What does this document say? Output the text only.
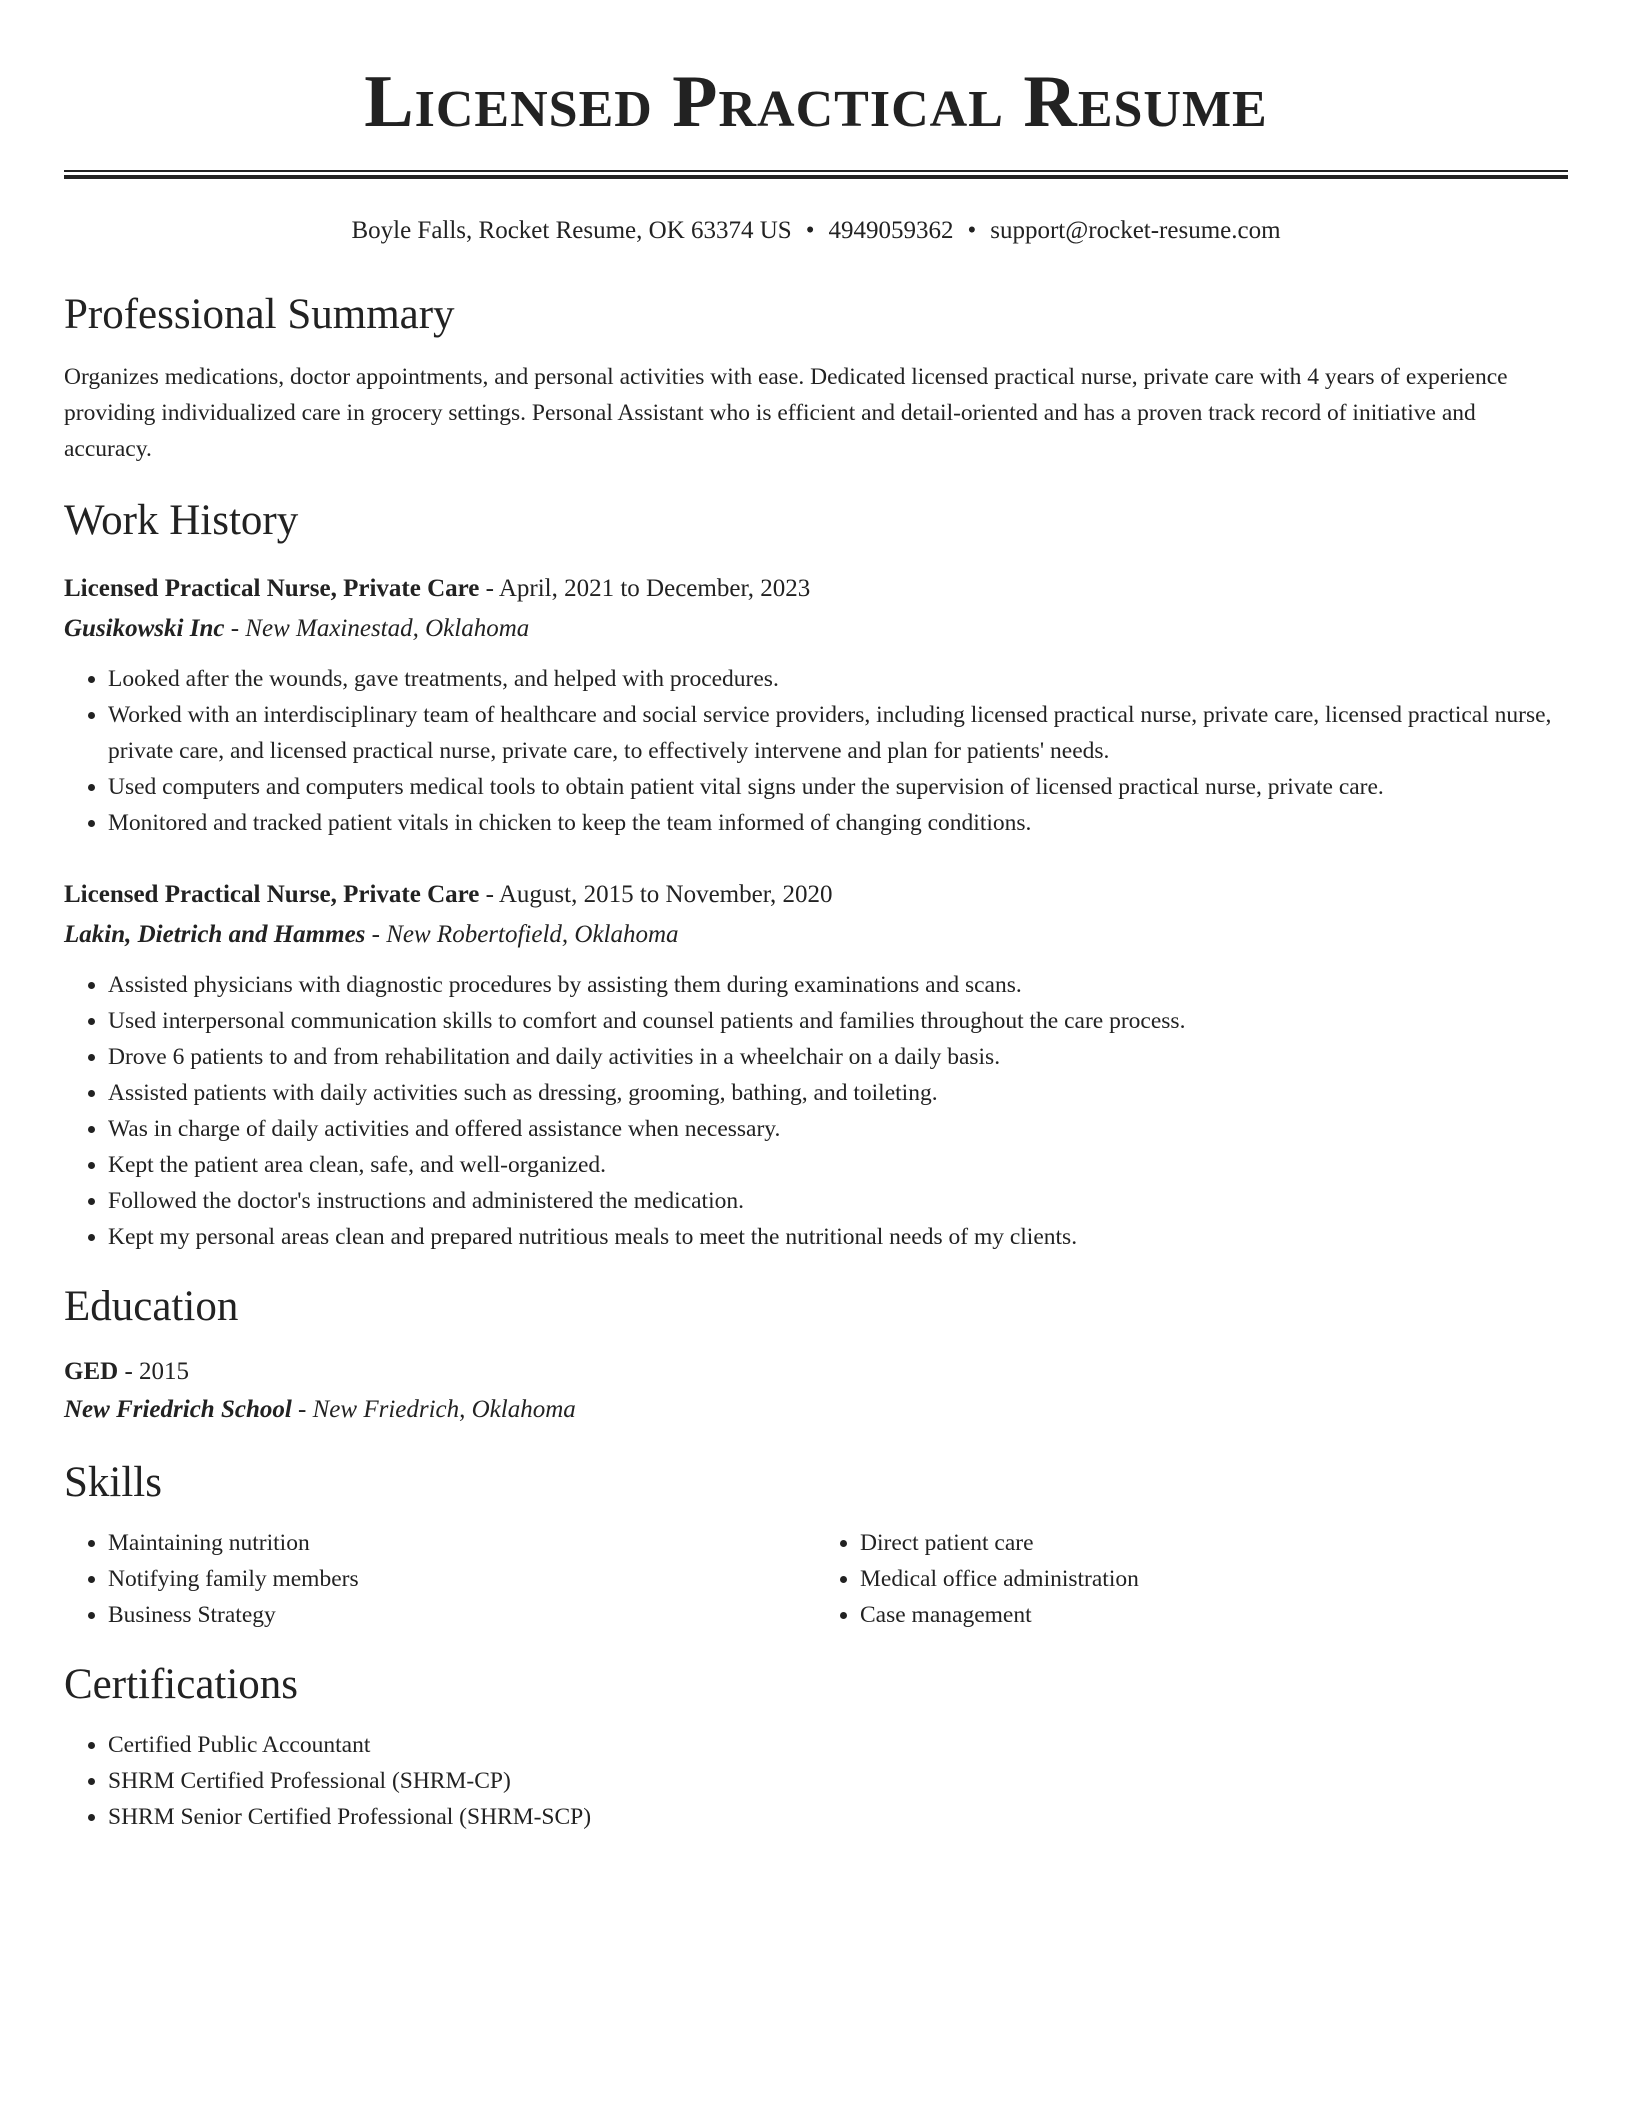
Licensed Practical Resume
Boyle Falls, Rocket Resume, OK 63374 US • 4949059362 • support@rocket-resume.com
Professional Summary

Organizes medications, doctor appointments, and personal activities with ease. Dedicated licensed practical nurse, private care with 4 years of experience providing individualized care in grocery settings. Personal Assistant who is efficient and detail-oriented and has a proven track record of initiative and accuracy.

Work History
Licensed Practical Nurse, Private Care - April, 2021 to December, 2023
Gusikowski Inc - New Maxinestad, Oklahoma
• Looked after the wounds, gave treatments, and helped with procedures.
• Worked with an interdisciplinary team of healthcare and social service providers, including licensed practical nurse, private care, licensed practical nurse, private care, and licensed practical nurse, private care, to effectively intervene and plan for patients' needs.
• Used computers and computers medical tools to obtain patient vital signs under the supervision of licensed practical nurse, private care.
• Monitored and tracked patient vitals in chicken to keep the team informed of changing conditions.
Licensed Practical Nurse, Private Care - August, 2015 to November, 2020
Lakin, Dietrich and Hammes - New Robertofield, Oklahoma
• Assisted physicians with diagnostic procedures by assisting them during examinations and scans.
• Used interpersonal communication skills to comfort and counsel patients and families throughout the care process.
• Drove 6 patients to and from rehabilitation and daily activities in a wheelchair on a daily basis.
• Assisted patients with daily activities such as dressing, grooming, bathing, and toileting.
• Was in charge of daily activities and offered assistance when necessary.
• Kept the patient area clean, safe, and well-organized.
• Followed the doctor's instructions and administered the medication.
• Kept my personal areas clean and prepared nutritious meals to meet the nutritional needs of my clients.
Education
GED - 2015
New Friedrich School - New Friedrich, Oklahoma
Skills
• Maintaining nutrition
• Notifying family members
• Business Strategy
• Direct patient care
• Medical office administration
• Case management
Certifications
• Certified Public Accountant
• SHRM Certified Professional (SHRM-CP)
• SHRM Senior Certified Professional (SHRM-SCP)
